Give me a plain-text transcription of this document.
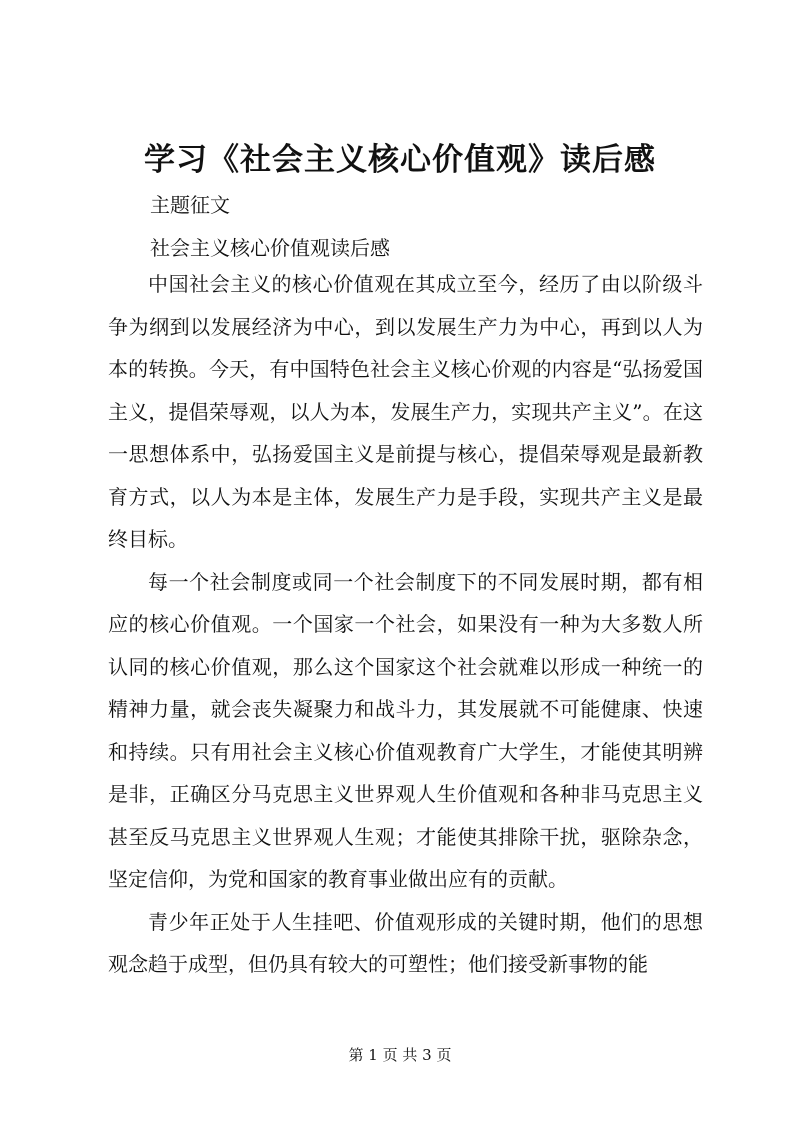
学习《社会主义核心价值观》读后感
主题征文
社会主义核心价值观读后感

中国社会主义的核心价值观在其成立至今，经历了由以阶级斗争为纲到以发展经济为中心，到以发展生产力为中心，再到以人为本的转换。今天，有中国特色社会主义核心价观的内容是“弘扬爱国主义，提倡荣辱观，以人为本，发展生产力，实现共产主义”。在这一思想体系中，弘扬爱国主义是前提与核心，提倡荣辱观是最新教育方式，以人为本是主体，发展生产力是手段，实现共产主义是最终目标。

每一个社会制度或同一个社会制度下的不同发展时期，都有相应的核心价值观。一个国家一个社会，如果没有一种为大多数人所认同的核心价值观，那么这个国家这个社会就难以形成一种统一的精神力量，就会丧失凝聚力和战斗力，其发展就不可能健康、快速和持续。只有用社会主义核心价值观教育广大学生，才能使其明辨是非，正确区分马克思主义世界观人生价值观和各种非马克思主义甚至反马克思主义世界观人生观；才能使其排除干扰，驱除杂念，坚定信仰，为党和国家的教育事业做出应有的贡献。

青少年正处于人生挂吧、价值观形成的关键时期，他们的思想观念趋于成型，但仍具有较大的可塑性；他们接受新事物的能

第 1 页 共 3 页
